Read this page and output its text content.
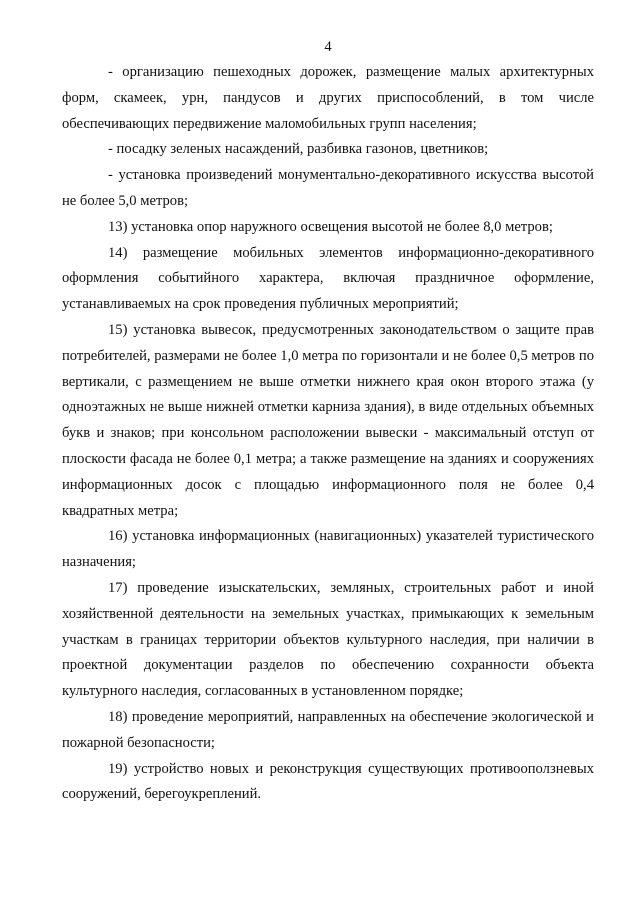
4

- организацию пешеходных дорожек, размещение малых архитектурных форм, скамеек, урн, пандусов и других приспособлений, в том числе обеспечивающих передвижение маломобильных групп населения;

- посадку зеленых насаждений, разбивка газонов, цветников;

- установка произведений монументально-декоративного искусства высотой не более 5,0 метров;

13) установка опор наружного освещения высотой не более 8,0 метров;

14) размещение мобильных элементов информационно-декоративного оформления событийного характера, включая праздничное оформление, устанавливаемых на срок проведения публичных мероприятий;

15) установка вывесок, предусмотренных законодательством о защите прав потребителей, размерами не более 1,0 метра по горизонтали и не более 0,5 метров по вертикали, с размещением не выше отметки нижнего края окон второго этажа (у одноэтажных не выше нижней отметки карниза здания), в виде отдельных объемных букв и знаков; при консольном расположении вывески - максимальный отступ от плоскости фасада не более 0,1 метра; а также размещение на зданиях и сооружениях информационных досок с площадью информационного поля не более 0,4 квадратных метра;

16) установка информационных (навигационных) указателей туристического назначения;

17) проведение изыскательских, земляных, строительных работ и иной хозяйственной деятельности на земельных участках, примыкающих к земельным участкам в границах территории объектов культурного наследия, при наличии в проектной документации разделов по обеспечению сохранности объекта культурного наследия, согласованных в установленном порядке;

18) проведение мероприятий, направленных на обеспечение экологической и пожарной безопасности;

19) устройство новых и реконструкция существующих противооползневых сооружений, берегоукреплений.
